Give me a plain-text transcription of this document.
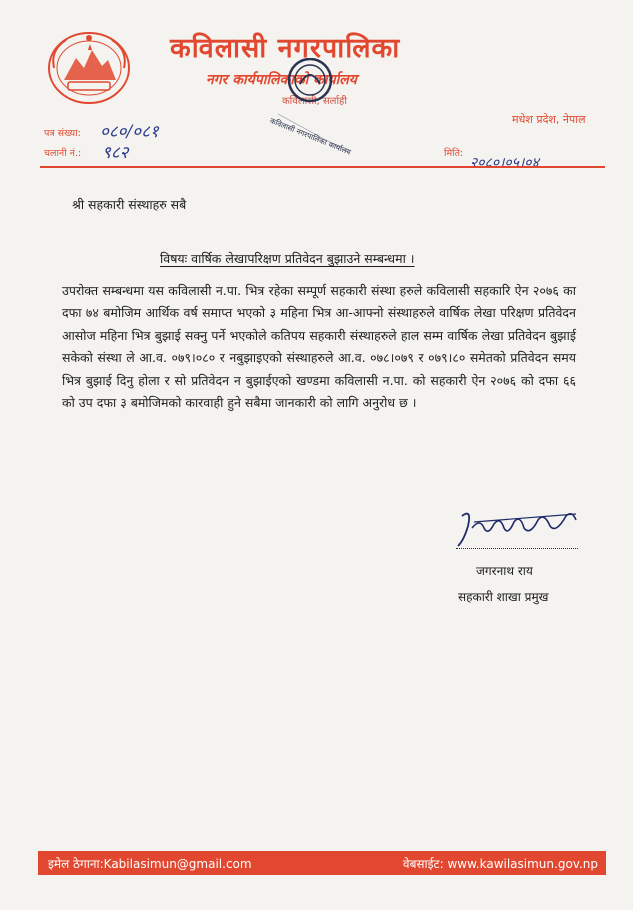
कविलासी नगरपालिका
नगर कार्यपालिकाको कार्यालय
कविलासी, सर्लाही
मधेश प्रदेश, नेपाल
पत्र संख्या: ०८०/०८१
चलानी नं.: ९८२	मिति:
२०८०।०५।०४
कविलासी नगरपालिका कार्यालय
श्री सहकारी संस्थाहरु सबै
विषयः वार्षिक लेखापरिक्षण प्रतिवेदन बुझाउने सम्बन्धमा ।
उपरोक्त सम्बन्धमा यस कविलासी न.पा. भित्र रहेका सम्पूर्ण सहकारी संस्था हरुले कविलासी सहकारि ऐन २०७६ का दफा ७४ बमोजिम आर्थिक वर्ष समाप्त भएको ३ महिना भित्र आ-आफ्नो संस्थाहरुले वार्षिक लेखा परिक्षण प्रतिवेदन आसोज महिना भित्र बुझाई सक्नु पर्ने भएकोले कतिपय सहकारी संस्थाहरुले हाल सम्म वार्षिक लेखा प्रतिवेदन बुझाई सकेको संस्था ले आ.व. ०७९।०८० र नबुझाइएको संस्थाहरुले आ.व. ०७८।०७९ र ०७९।८० समेतको प्रतिवेदन समय भित्र बुझाई दिनु होला र सो प्रतिवेदन न बुझाईएको खण्डमा कविलासी न.पा. को सहकारी ऐन २०७६ को दफा ६६ को उप दफा ३ बमोजिमको कारवाही हुने सबैमा जानकारी को लागि अनुरोध छ ।
जगरनाथ राय
सहकारी शाखा प्रमुख
इमेल ठेगाना:Kabilasimun@gmail.com	वेबसाईट: www.kawilasimun.gov.np
